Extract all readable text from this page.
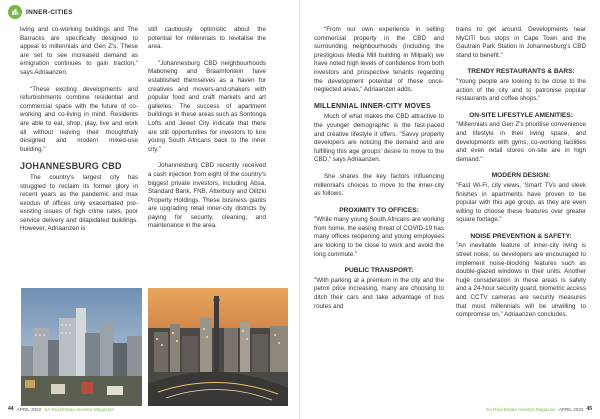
INNER-CITIES

living and co-working buildings and The Barracks are specifically designed to appeal to millennials and Gen Z's. These are set to see increased demand as emigration continues to gain traction," says Adriaanzen.

"These exciting developments and refurbishments combine residential and commercial space with the future of co-working and co-living in mind. Residents are able to eat, shop, play, live and work all without leaving their thoughtfully designed and modern mixed-use building."

JOHANNESBURG CBD

The country's largest city has struggled to reclaim its former glory in recent years as the pandemic and max exodus of offices only exacerbated pre-existing issues of high crime rates, poor service delivery and dilapidated buildings. However, Adriaanzen is

still cautiously optimistic about the potential for millennials to revitalise the area.

"Johannesburg CBD neighbourhoods Maboneng and Braamfontein have established themselves as a haven for creatives and movers-and-shakers with popular food and craft markets and art galleries. The success of apartment buildings in these areas such as Sontonga Lofts and Jewel City indicate that there are still opportunities for investors to lure young South Africans back to the inner city."

Johannesburg CBD recently received a cash injection from eight of the country's biggest private investors, including Absa, Standard Bank, FNB, Atterbury and Olitzki Property Holdings. These business giants are upgrading retail inner-city districts by paying for security, cleaning, and maintenance in the area.

44 APRIL 2022 SA Real Estate Investor Magazine

"From our own experience in selling commercial property in the CBD and surrounding neighbourhoods (including the prestigious Media Mill building in Milpark) we have noted high levels of confidence from both investors and prospective tenants regarding the development potential of these once-neglected areas," Adriaanzen adds.

MILLENNIAL INNER-CITY MOVES

Much of what makes the CBD attractive to the younger demographic is the fast-paced and creative lifestyle it offers. "Savvy property developers are noticing the demand and are fulfilling this age groups' desire to move to the CBD," says Adriaanzen.

She shares the key factors influencing millennial's choices to move to the inner-city as follows:

PROXIMITY TO OFFICES:

"While many young South Africans are working from home, the easing threat of COVID-19 has many offices reopening and young employees are looking to be close to work and avoid the long commute."

PUBLIC TRANSPORT:

"With parking at a premium in the city and the petrol price increasing, many are choosing to ditch their cars and take advantage of bus routes and

trains to get around. Developments near MyCiTi bus stops in Cape Town and the Gautrain Park Station in Johannesburg's CBD stand to benefit."

TRENDY RESTAURANTS & BARS:

"Young people are looking to be close to the action of the city and to patronise popular restaurants and coffee shops."

ON-SITE LIFESTYLE AMENITIES:

"Millennials and Gen Z's prioritise convenience and lifestyle in their living space, and developments with gyms, co-working facilities and even retail stores on-site are in high demand."

MODERN DESIGN:

"Fast Wi-Fi, city views, 'Smart' TVs and sleek finishes in apartments have proven to be popular with this age group, as they are even willing to choose these features over greater square footage."

NOISE PREVENTION & SAFETY:

"An inevitable feature of inner-city living is street noise, so developers are encouraged to implement noise-blocking features such as double-glazed windows in their units. Another huge consideration in these areas is safety and a 24-hour security guard, biometric access and CCTV cameras are security measures that most millennials will be unwilling to compromise on," Adriaanzen concludes.

SA Real Estate Investor Magazine APRIL 2022 45
